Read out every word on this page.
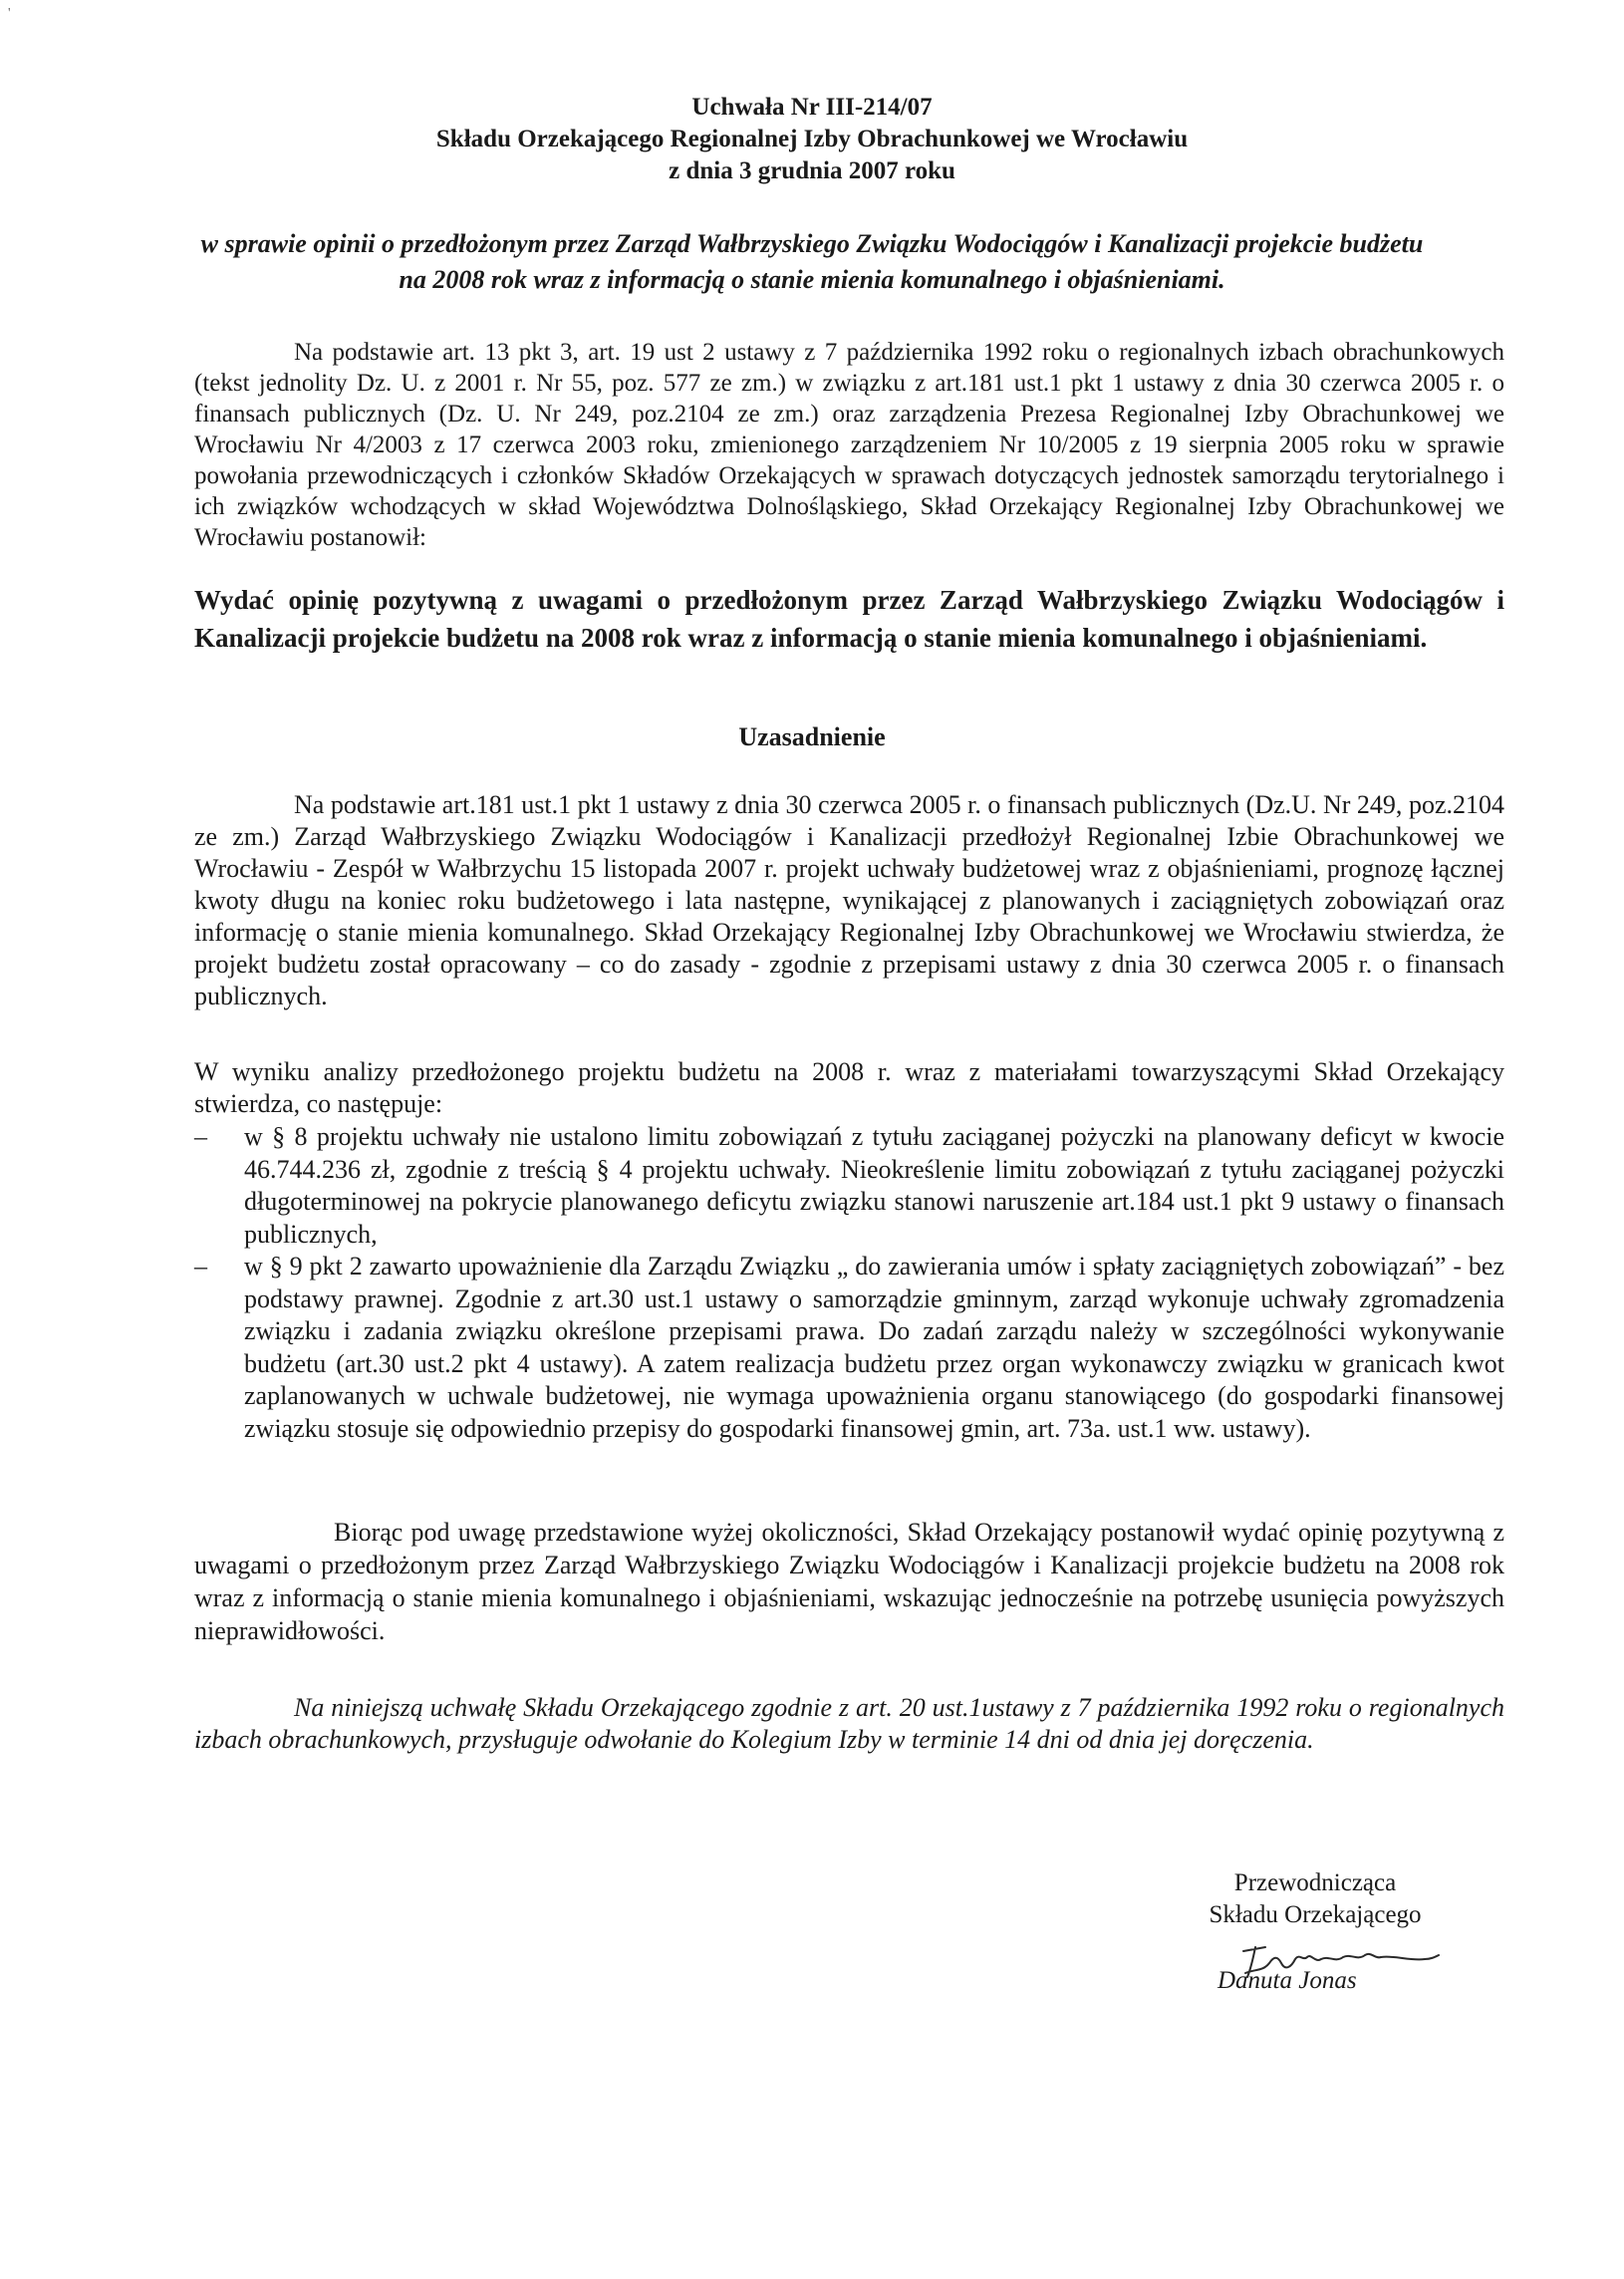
'
Uchwała Nr III-214/07
Składu Orzekającego Regionalnej Izby Obrachunkowej we Wrocławiu
z dnia 3 grudnia 2007 roku
w sprawie opinii o przedłożonym przez Zarząd Wałbrzyskiego Związku Wodociągów i Kanalizacji projekcie budżetu na 2008 rok wraz z informacją o stanie mienia komunalnego i objaśnieniami.
Na podstawie art. 13 pkt 3, art. 19 ust 2 ustawy z 7 października 1992 roku o regionalnych izbach obrachunkowych (tekst jednolity Dz. U. z 2001 r. Nr 55, poz. 577 ze zm.) w związku z art.181 ust.1 pkt 1 ustawy z dnia 30 czerwca 2005 r. o finansach publicznych (Dz. U. Nr 249, poz.2104 ze zm.) oraz zarządzenia Prezesa Regionalnej Izby Obrachunkowej we Wrocławiu Nr 4/2003 z 17 czerwca 2003 roku, zmienionego zarządzeniem Nr 10/2005 z 19 sierpnia 2005 roku w sprawie powołania przewodniczących i członków Składów Orzekających w sprawach dotyczących jednostek samorządu terytorialnego i ich związków wchodzących w skład Województwa Dolnośląskiego, Skład Orzekający Regionalnej Izby Obrachunkowej we Wrocławiu postanowił:
Wydać opinię pozytywną z uwagami o przedłożonym przez Zarząd Wałbrzyskiego Związku Wodociągów i Kanalizacji projekcie budżetu na 2008 rok wraz z informacją o stanie mienia komunalnego i objaśnieniami.
Uzasadnienie
Na podstawie art.181 ust.1 pkt 1 ustawy z dnia 30 czerwca 2005 r. o finansach publicznych (Dz.U. Nr 249, poz.2104 ze zm.) Zarząd Wałbrzyskiego Związku Wodociągów i Kanalizacji przedłożył Regionalnej Izbie Obrachunkowej we Wrocławiu - Zespół w Wałbrzychu 15 listopada 2007 r. projekt uchwały budżetowej wraz z objaśnieniami, prognozę łącznej kwoty długu na koniec roku budżetowego i lata następne, wynikającej z planowanych i zaciągniętych zobowiązań oraz informację o stanie mienia komunalnego. Skład Orzekający Regionalnej Izby Obrachunkowej we Wrocławiu stwierdza, że projekt budżetu został opracowany – co do zasady - zgodnie z przepisami ustawy z dnia 30 czerwca 2005 r. o finansach publicznych.
W wyniku analizy przedłożonego projektu budżetu na 2008 r. wraz z materiałami towarzyszącymi Skład Orzekający stwierdza, co następuje:
– w § 8 projektu uchwały nie ustalono limitu zobowiązań z tytułu zaciąganej pożyczki na planowany deficyt w kwocie 46.744.236 zł, zgodnie z treścią § 4 projektu uchwały. Nieokreślenie limitu zobowiązań z tytułu zaciąganej pożyczki długoterminowej na pokrycie planowanego deficytu związku stanowi naruszenie art.184 ust.1 pkt 9 ustawy o finansach publicznych,
– w § 9 pkt 2 zawarto upoważnienie dla Zarządu Związku „ do zawierania umów i spłaty zaciągniętych zobowiązań” - bez podstawy prawnej. Zgodnie z art.30 ust.1 ustawy o samorządzie gminnym, zarząd wykonuje uchwały zgromadzenia związku i zadania związku określone przepisami prawa. Do zadań zarządu należy w szczególności wykonywanie budżetu (art.30 ust.2 pkt 4 ustawy). A zatem realizacja budżetu przez organ wykonawczy związku w granicach kwot zaplanowanych w uchwale budżetowej, nie wymaga upoważnienia organu stanowiącego (do gospodarki finansowej związku stosuje się odpowiednio przepisy do gospodarki finansowej gmin, art. 73a. ust.1 ww. ustawy).
Biorąc pod uwagę przedstawione wyżej okoliczności, Skład Orzekający postanowił wydać opinię pozytywną z uwagami o przedłożonym przez Zarząd Wałbrzyskiego Związku Wodociągów i Kanalizacji projekcie budżetu na 2008 rok wraz z informacją o stanie mienia komunalnego i objaśnieniami, wskazując jednocześnie na potrzebę usunięcia powyższych nieprawidłowości.
Na niniejszą uchwałę Składu Orzekającego zgodnie z art. 20 ust.1ustawy z 7 października 1992 roku o regionalnych izbach obrachunkowych, przysługuje odwołanie do Kolegium Izby w terminie 14 dni od dnia jej doręczenia.
Przewodnicząca
Składu Orzekającego
Danuta Jonas
